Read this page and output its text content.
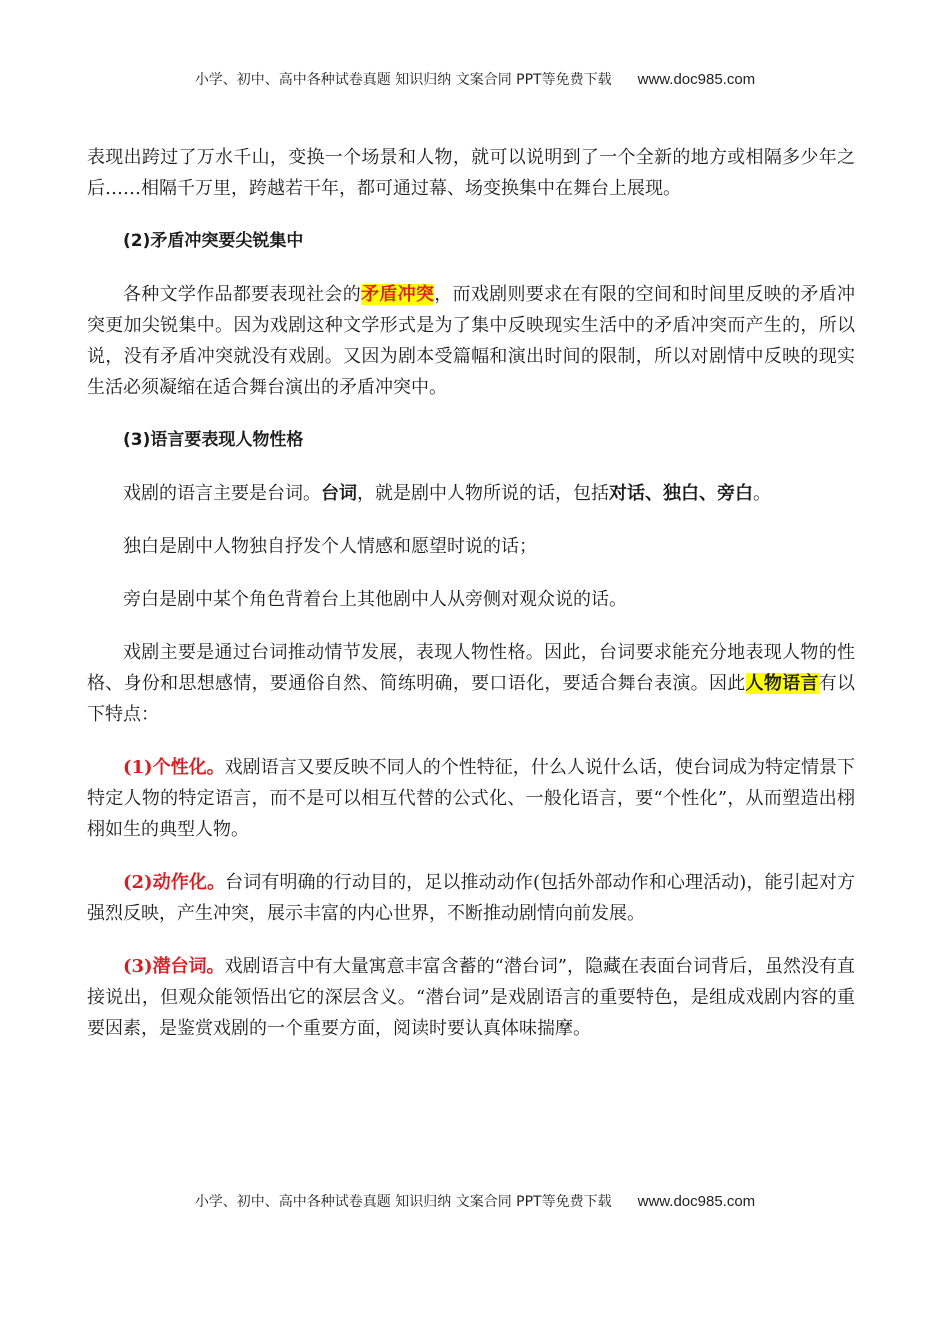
小学、初中、高中各种试卷真题 知识归纳 文案合同 PPT等免费下载 www.doc985.com

表现出跨过了万水千山，变换一个场景和人物，就可以说明到了一个全新的地方或相隔多少年之后……相隔千万里，跨越若干年，都可通过幕、场变换集中在舞台上展现。

(2)矛盾冲突要尖锐集中

各种文学作品都要表现社会的矛盾冲突，而戏剧则要求在有限的空间和时间里反映的矛盾冲突更加尖锐集中。因为戏剧这种文学形式是为了集中反映现实生活中的矛盾冲突而产生的，所以说，没有矛盾冲突就没有戏剧。又因为剧本受篇幅和演出时间的限制，所以对剧情中反映的现实生活必须凝缩在适合舞台演出的矛盾冲突中。

(3)语言要表现人物性格

戏剧的语言主要是台词。台词，就是剧中人物所说的话，包括对话、独白、旁白。

独白是剧中人物独自抒发个人情感和愿望时说的话；

旁白是剧中某个角色背着台上其他剧中人从旁侧对观众说的话。

戏剧主要是通过台词推动情节发展，表现人物性格。因此，台词要求能充分地表现人物的性格、身份和思想感情，要通俗自然、简练明确，要口语化，要适合舞台表演。因此人物语言有以下特点：

(1)个性化。戏剧语言又要反映不同人的个性特征，什么人说什么话，使台词成为特定情景下特定人物的特定语言，而不是可以相互代替的公式化、一般化语言，要“个性化”，从而塑造出栩栩如生的典型人物。

(2)动作化。台词有明确的行动目的，足以推动动作(包括外部动作和心理活动)，能引起对方强烈反映，产生冲突，展示丰富的内心世界，不断推动剧情向前发展。

(3)潜台词。戏剧语言中有大量寓意丰富含蓄的“潜台词”，隐藏在表面台词背后，虽然没有直接说出，但观众能领悟出它的深层含义。“潜台词”是戏剧语言的重要特色，是组成戏剧内容的重要因素，是鉴赏戏剧的一个重要方面，阅读时要认真体味揣摩。

小学、初中、高中各种试卷真题 知识归纳 文案合同 PPT等免费下载 www.doc985.com
